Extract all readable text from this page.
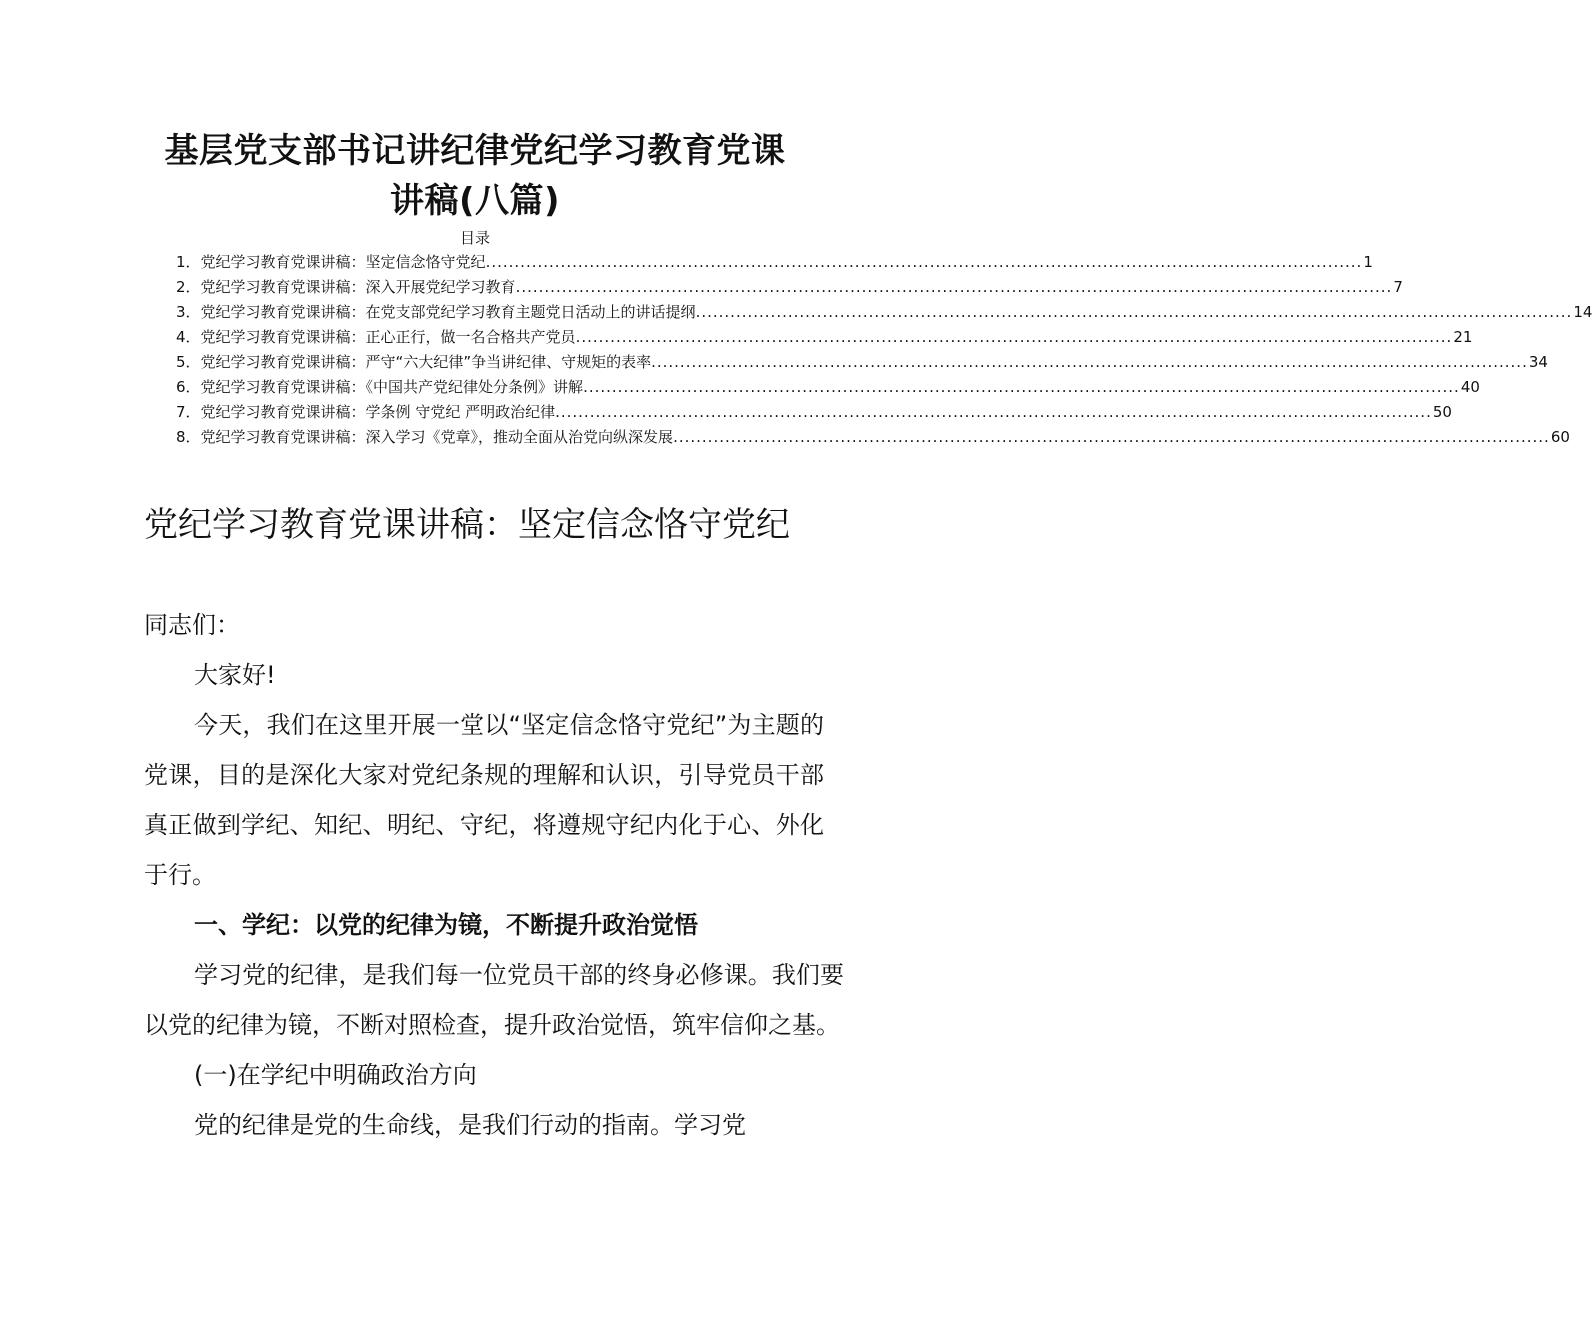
基层党支部书记讲纪律党纪学习教育党课
讲稿(八篇)
目录
1． 党纪学习教育党课讲稿：坚定信念恪守党纪 .....	1
2． 党纪学习教育党课讲稿：深入开展党纪学习教育 .....	7
3． 党纪学习教育党课讲稿：在党支部党纪学习教育主题党日活动上的讲话提纲 .....	14
4． 党纪学习教育党课讲稿：正心正行，做一名合格共产党员 .....	21
5． 党纪学习教育党课讲稿：严守“六大纪律”争当讲纪律、守规矩的表率 .....	34
6． 党纪学习教育党课讲稿：《中国共产党纪律处分条例》讲解 .....	40
7． 党纪学习教育党课讲稿：学条例 守党纪 严明政治纪律 .....	50
8． 党纪学习教育党课讲稿：深入学习《党章》，推动全面从治党向纵深发展 .....	60
党纪学习教育党课讲稿：坚定信念恪守党纪

同志们：

大家好!

今天，我们在这里开展一堂以“坚定信念恪守党纪”为主题的党课，目的是深化大家对党纪条规的理解和认识，引导党员干部真正做到学纪、知纪、明纪、守纪，将遵规守纪内化于心、外化于行。

一、学纪：以党的纪律为镜，不断提升政治觉悟

学习党的纪律，是我们每一位党员干部的终身必修课。我们要以党的纪律为镜，不断对照检查，提升政治觉悟，筑牢信仰之基。

(一)在学纪中明确政治方向

党的纪律是党的生命线，是我们行动的指南。学习党
